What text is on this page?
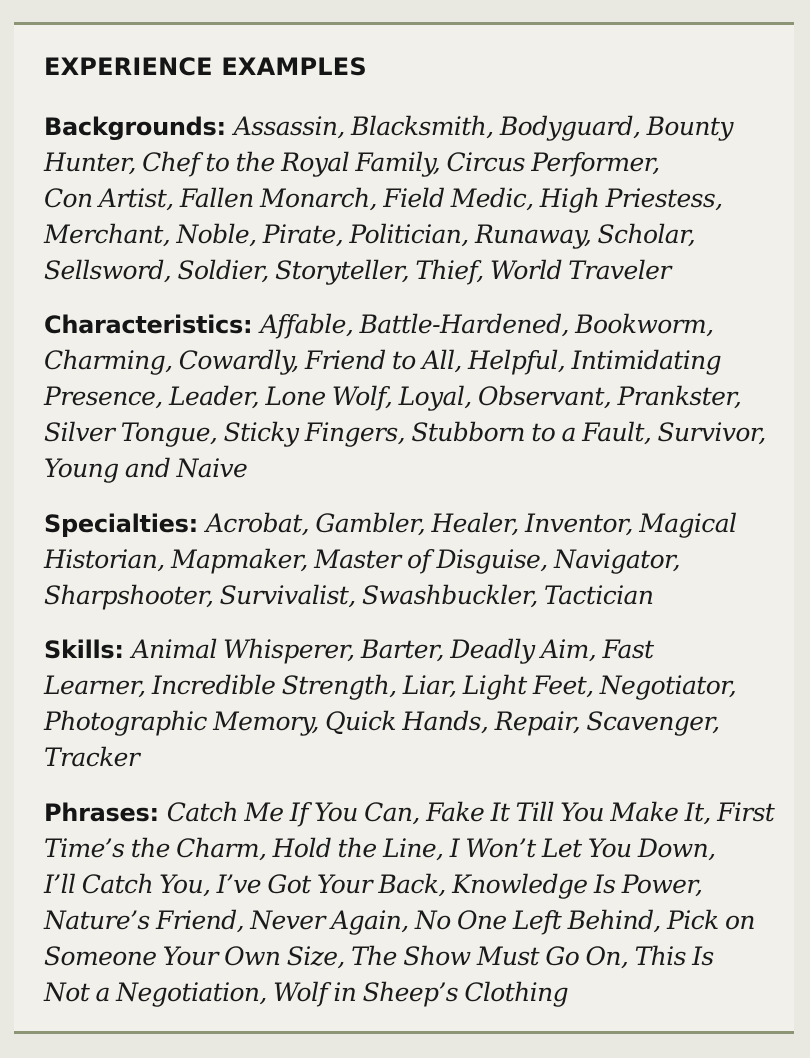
EXPERIENCE EXAMPLES

Backgrounds: Assassin, Blacksmith, Bodyguard, Bounty
Hunter, Chef to the Royal Family, Circus Performer,
Con Artist, Fallen Monarch, Field Medic, High Priestess,
Merchant, Noble, Pirate, Politician, Runaway, Scholar,
Sellsword, Soldier, Storyteller, Thief, World Traveler

Characteristics: Affable, Battle-Hardened, Bookworm,
Charming, Cowardly, Friend to All, Helpful, Intimidating
Presence, Leader, Lone Wolf, Loyal, Observant, Prankster,
Silver Tongue, Sticky Fingers, Stubborn to a Fault, Survivor,
Young and Naive

Specialties: Acrobat, Gambler, Healer, Inventor, Magical
Historian, Mapmaker, Master of Disguise, Navigator,
Sharpshooter, Survivalist, Swashbuckler, Tactician

Skills: Animal Whisperer, Barter, Deadly Aim, Fast
Learner, Incredible Strength, Liar, Light Feet, Negotiator,
Photographic Memory, Quick Hands, Repair, Scavenger,
Tracker

Phrases: Catch Me If You Can, Fake It Till You Make It, First
Time’s the Charm, Hold the Line, I Won’t Let You Down,
I’ll Catch You, I’ve Got Your Back, Knowledge Is Power,
Nature’s Friend, Never Again, No One Left Behind, Pick on
Someone Your Own Size, The Show Must Go On, This Is
Not a Negotiation, Wolf in Sheep’s Clothing
